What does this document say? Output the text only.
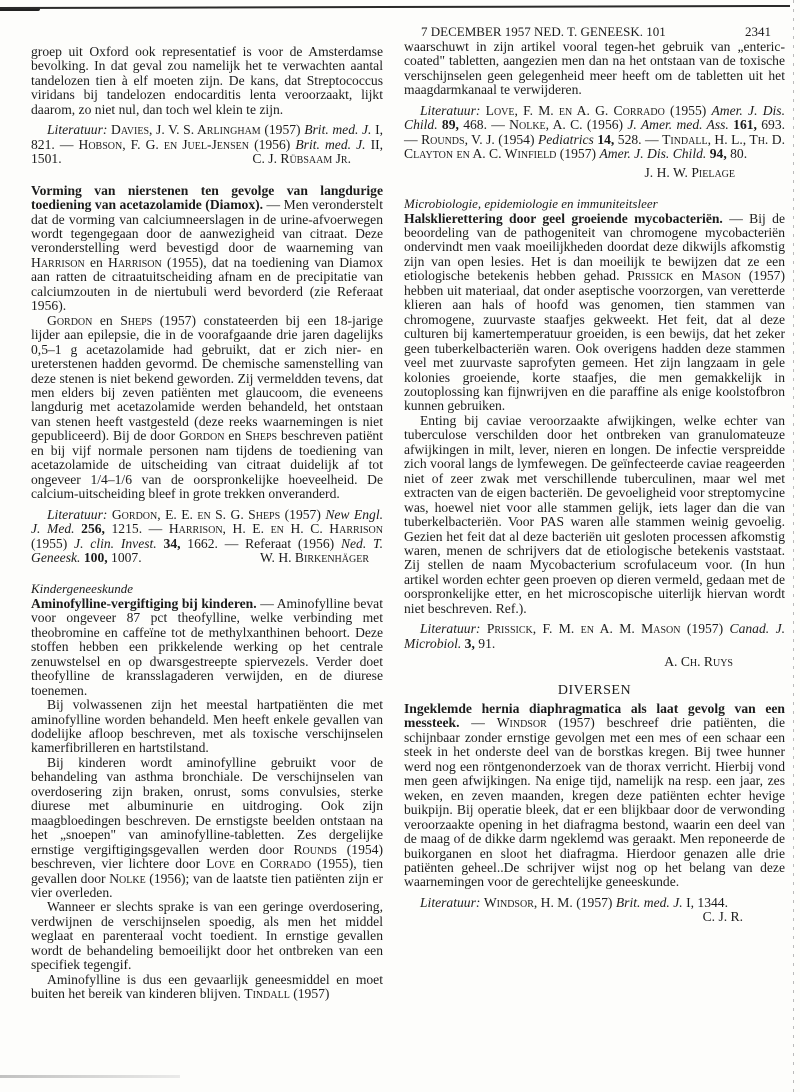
groep uit Oxford ook representatief is voor de Amsterdamse bevolking. In dat geval zou namelijk het te verwachten aantal tandelozen tien à elf moeten zijn. De kans, dat Streptococcus viridans bij tandelozen endocarditis lenta veroorzaakt, lijkt daarom, zo niet nul, dan toch wel klein te zijn.

Literatuur: Davies, J. V. S. Arlingham (1957) Brit. med. J. I, 821. — Hobson, F. G. en Juel-Jensen (1956) Brit. med. J. II, 1501.	C. J. Rübsaam Jr.

Vorming van nierstenen ten gevolge van langdurige toediening van acetazolamide (Diamox). — Men veronderstelt dat de vorming van calciumneerslagen in de urine-afvoerwegen wordt tegengegaan door de aanwezigheid van citraat. Deze veronderstelling werd bevestigd door de waarneming van Harrison en Harrison (1955), dat na toediening van Diamox aan ratten de citraatuitscheiding afnam en de precipitatie van calciumzouten in de niertubuli werd bevorderd (zie Referaat 1956).

Gordon en Sheps (1957) constateerden bij een 18-jarige lijder aan epilepsie, die in de voorafgaande drie jaren dagelijks 0,5–1 g acetazolamide had gebruikt, dat er zich nier- en ureterstenen hadden gevormd. De chemische samenstelling van deze stenen is niet bekend geworden. Zij vermeldden tevens, dat men elders bij zeven patiënten met glaucoom, die eveneens langdurig met acetazolamide werden behandeld, het ontstaan van stenen heeft vastgesteld (deze reeks waarnemingen is niet gepubliceerd). Bij de door Gordon en Sheps beschreven patiënt en bij vijf normale personen nam tijdens de toediening van acetazolamide de uitscheiding van citraat duidelijk af tot ongeveer 1/4–1/6 van de oorspronkelijke hoeveelheid. De calcium-uitscheiding bleef in grote trekken onveranderd.

Literatuur: Gordon, E. E. en S. G. Sheps (1957) New Engl. J. Med. 256, 1215. — Harrison, H. E. en H. C. Harrison (1955) J. clin. Invest. 34, 1662. — Referaat (1956) Ned. T. Geneesk. 100, 1007.	W. H. Birkenhäger

Kindergeneeskunde

Aminofylline-vergiftiging bij kinderen. — Aminofylline bevat voor ongeveer 87 pct theofylline, welke verbinding met theobromine en caffeïne tot de methylxanthinen behoort. Deze stoffen hebben een prikkelende werking op het centrale zenuwstelsel en op dwarsgestreepte spiervezels. Verder doet theofylline de kransslagaderen verwijden, en de diurese toenemen.

Bij volwassenen zijn het meestal hartpatiënten die met aminofylline worden behandeld. Men heeft enkele gevallen van dodelijke afloop beschreven, met als toxische verschijnselen kamerfibrilleren en hartstilstand.

Bij kinderen wordt aminofylline gebruikt voor de behandeling van asthma bronchiale. De verschijnselen van overdosering zijn braken, onrust, soms convulsies, sterke diurese met albuminurie en uitdroging. Ook zijn maagbloedingen beschreven. De ernstigste beelden ontstaan na het „snoepen" van aminofylline-tabletten. Zes dergelijke ernstige vergiftigingsgevallen werden door Rounds (1954) beschreven, vier lichtere door Love en Corrado (1955), tien gevallen door Nolke (1956); van de laatste tien patiënten zijn er vier overleden.

Wanneer er slechts sprake is van een geringe overdosering, verdwijnen de verschijnselen spoedig, als men het middel weglaat en parenteraal vocht toedient. In ernstige gevallen wordt de behandeling bemoeilijkt door het ontbreken van een specifiek tegengif.

Aminofylline is dus een gevaarlijk geneesmiddel en moet buiten het bereik van kinderen blijven. Tindall (1957)

7 DECEMBER 1957 NED. T. GENEESK. 101	2341

waarschuwt in zijn artikel vooral tegen-het gebruik van „enteric-coated" tabletten, aangezien men dan na het ontstaan van de toxische verschijnselen geen gelegenheid meer heeft om de tabletten uit het maagdarmkanaal te verwijderen.

Literatuur: Love, F. M. en A. G. Corrado (1955) Amer. J. Dis. Child. 89, 468. — Nolke, A. C. (1956) J. Amer. med. Ass. 161, 693. — Rounds, V. J. (1954) Pediatrics 14, 528. — Tindall, H. L., Th. D. Clayton en A. C. Winfield (1957) Amer. J. Dis. Child. 94, 80.

J. H. W. Pielage

Microbiologie, epidemiologie en immuniteitsleer

Halsklierettering door geel groeiende mycobacteriën. — Bij de beoordeling van de pathogeniteit van chromogene mycobacteriën ondervindt men vaak moeilijkheden doordat deze dikwijls afkomstig zijn van open lesies. Het is dan moeilijk te bewijzen dat ze een etiologische betekenis hebben gehad. Prissick en Mason (1957) hebben uit materiaal, dat onder aseptische voorzorgen, van veretterde klieren aan hals of hoofd was genomen, tien stammen van chromogene, zuurvaste staafjes gekweekt. Het feit, dat al deze culturen bij kamertemperatuur groeiden, is een bewijs, dat het zeker geen tuberkelbacteriën waren. Ook overigens hadden deze stammen veel met zuurvaste saprofyten gemeen. Het zijn langzaam in gele kolonies groeiende, korte staafjes, die men gemakkelijk in zoutoplossing kan fijnwrijven en die paraffine als enige koolstofbron kunnen gebruiken.

Enting bij caviae veroorzaakte afwijkingen, welke echter van tuberculose verschilden door het ontbreken van granulomateuze afwijkingen in milt, lever, nieren en longen. De infectie verspreidde zich vooral langs de lymfewegen. De geïnfecteerde caviae reageerden niet of zeer zwak met verschillende tuberculinen, maar wel met extracten van de eigen bacteriën. De gevoeligheid voor streptomycine was, hoewel niet voor alle stammen gelijk, iets lager dan die van tuberkelbacteriën. Voor PAS waren alle stammen weinig gevoelig. Gezien het feit dat al deze bacteriën uit gesloten processen afkomstig waren, menen de schrijvers dat de etiologische betekenis vaststaat. Zij stellen de naam Mycobacterium scrofulaceum voor. (In hun artikel worden echter geen proeven op dieren vermeld, gedaan met de oorspronkelijke etter, en het microscopische uiterlijk hiervan wordt niet beschreven. Ref.).

Literatuur: Prissick, F. M. en A. M. Mason (1957) Canad. J. Microbiol. 3, 91.

A. Ch. Ruys

DIVERSEN

Ingeklemde hernia diaphragmatica als laat gevolg van een messteek. — Windsor (1957) beschreef drie patiënten, die schijnbaar zonder ernstige gevolgen met een mes of een schaar een steek in het onderste deel van de borstkas kregen. Bij twee hunner werd nog een röntgenonderzoek van de thorax verricht. Hierbij vond men geen afwijkingen. Na enige tijd, namelijk na resp. een jaar, zes weken, en zeven maanden, kregen deze patiënten echter hevige buikpijn. Bij operatie bleek, dat er een blijkbaar door de verwonding veroorzaakte opening in het diafragma bestond, waarin een deel van de maag of de dikke darm ngeklemd was geraakt. Men reponeerde de buikorganen en sloot het diafragma. Hierdoor genazen alle drie patiënten geheel..De schrijver wijst nog op het belang van deze waarnemingen voor de gerechtelijke geneeskunde.

Literatuur: Windsor, H. M. (1957) Brit. med. J. I, 1344.

C. J. R.
